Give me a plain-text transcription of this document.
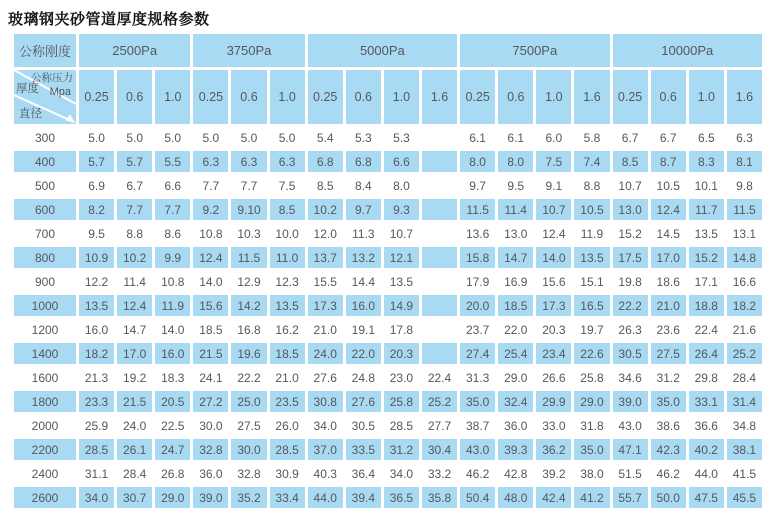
玻璃钢夹砂管道厚度规格参数
公称刚度	2500Pa			3750Pa			5000Pa				7500Pa				10000Pa			

公称压力
Mpa
厚度
直径	0.25	0.6	1.0	0.25	0.6	1.0	0.25	0.6	1.0	1.6	0.25	0.6	1.0	1.6	0.25	0.6	1.0	1.6
300	5.0	5.0	5.0	5.0	5.0	5.0	5.4	5.3	5.3		6.1	6.1	6.0	5.8	6.7	6.7	6.5	6.3
400	5.7	5.7	5.5	6.3	6.3	6.3	6.8	6.8	6.6		8.0	8.0	7.5	7.4	8.5	8.7	8.3	8.1
500	6.9	6.7	6.6	7.7	7.7	7.5	8.5	8.4	8.0		9.7	9.5	9.1	8.8	10.7	10.5	10.1	9.8
600	8.2	7.7	7.7	9.2	9.10	8.5	10.2	9.7	9.3		11.5	11.4	10.7	10.5	13.0	12.4	11.7	11.5
700	9.5	8.8	8.6	10.8	10.3	10.0	12.0	11.3	10.7		13.6	13.0	12.4	11.9	15.2	14.5	13.5	13.1
800	10.9	10.2	9.9	12.4	11.5	11.0	13.7	13.2	12.1		15.8	14.7	14.0	13.5	17.5	17.0	15.2	14.8
900	12.2	11.4	10.8	14.0	12.9	12.3	15.5	14.4	13.5		17.9	16.9	15.6	15.1	19.8	18.6	17.1	16.6
1000	13.5	12.4	11.9	15.6	14.2	13.5	17.3	16.0	14.9		20.0	18.5	17.3	16.5	22.2	21.0	18.8	18.2
1200	16.0	14.7	14.0	18.5	16.8	16.2	21.0	19.1	17.8		23.7	22.0	20.3	19.7	26.3	23.6	22.4	21.6
1400	18.2	17.0	16.0	21.5	19.6	18.5	24.0	22.0	20.3		27.4	25.4	23.4	22.6	30.5	27.5	26.4	25.2
1600	21.3	19.2	18.3	24.1	22.2	21.0	27.6	24.8	23.0	22.4	31.3	29.0	26.6	25.8	34.6	31.2	29.8	28.4
1800	23.3	21.5	20.5	27.2	25.0	23.5	30.8	27.6	25.8	25.2	35.0	32.4	29.9	29.0	39.0	35.0	33.1	31.4
2000	25.9	24.0	22.5	30.0	27.5	26.0	34.0	30.5	28.5	27.7	38.7	36.0	33.0	31.8	43.0	38.6	36.6	34.8
2200	28.5	26.1	24.7	32.8	30.0	28.5	37.0	33.5	31.2	30.4	43.0	39.3	36.2	35.0	47.1	42.3	40.2	38.1
2400	31.1	28.4	26.8	36.0	32.8	30.9	40.3	36.4	34.0	33.2	46.2	42.8	39.2	38.0	51.5	46.2	44.0	41.5
2600	34.0	30.7	29.0	39.0	35.2	33.4	44.0	39.4	36.5	35.8	50.4	48.0	42.4	41.2	55.7	50.0	47.5	45.5
